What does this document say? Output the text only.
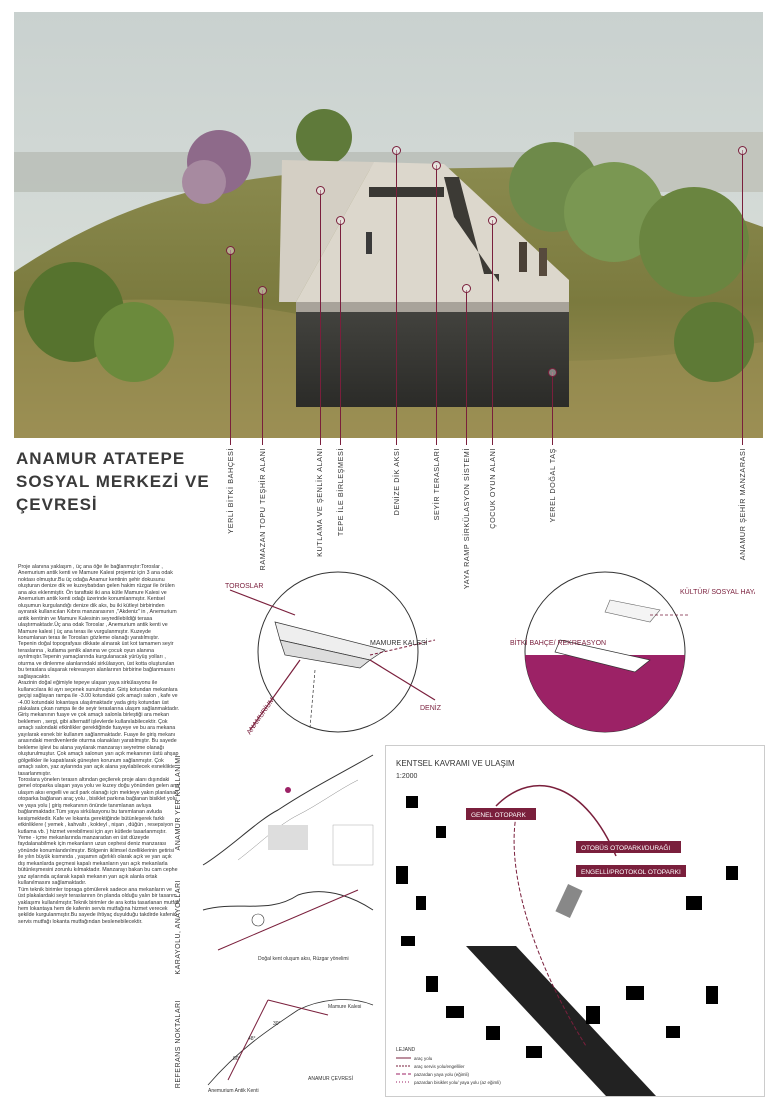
YERLİ BİTKİ BAHÇESİ	RAMAZAN TOPU TEŞHİR ALANI	KUTLAMA VE ŞENLİK ALANI TEPE İLE BİRLEŞMESİ	DENİZE DİK AKSI	SEYİR TERASLARI	YAYA RAMP SİRKÜLASYON SİSTEMİ ÇOCUK OYUN ALANI	YEREL DOĞAL TAŞ	ANAMUR ŞEHİR MANZARASI
ANAMUR ATATEPE
SOSYAL MERKEZİ VE
ÇEVRESİ

Proje alanına yaklaşım , üç ana öğe ile bağlanmıştır:Toroslar , Anemurium antik kenti ve Mamure Kalesi projemiz için 3 ana odak noktası olmuştur.Bu üç odağa Anamur kentinin şehir dokusunu oluşturan denize dik ve kuzeybatıdan gelen hakim rüzgar ile örülen ana aks eklenmiştir. Ön taraftaki iki ana kütle Mamure Kalesi ve Anemurium antik kenti odağı üzerinde konumlanmıştır. Kentsel oluşumun kurgulandığı denize dik aks, bu iki kütleyi birbirinden ayırarak kullanıcıları Kıbrıs manzarasının ,"Akdeniz" in , Anemurium antik kentinin ve Mamure Kalesinin seyredilebildiği terasa ulaştırmaktadır.Üç ana odak Toroslar , Anemurium antik kenti ve Mamure kalesi | üç ana teras ile vurgulanmıştır. Kuzeyde konumlanan teras ile Torosları gözleme olanağı yaratılmıştır.

Tepenin doğal topografyası dikkate alınarak üst kot tamamen seyir teraslarına , kutlama şenlik alanına ve çocuk oyun alanına ayrılmıştır.Tepenin yamaçlarında kurgulanacak yürüyüş yolları , oturma ve dinlenme alanlarındaki sirkülasyon, üst kotta oluşturulan bu teraslara ulaşarak rekreasyon alanlarının birbirine bağlanmasını sağlayacaktır.

Arazinin doğal eğimiyle tepeye ulaşan yaya sirkülasyonu ile kullanıcılara iki ayrı seçenek sunulmuştur. Giriş kotundan mekanlara geçişi sağlayan rampa ile -3.00 kotundaki çok amaçlı salon , kafe ve -4.00 kotundaki lokantaya ulaşılmaktadır yada giriş kotundan üst plakalara çıkan rampa ile de seyir teraslarına ulaşım sağlanmaktadır.

Giriş mekanının fuaye ve çok amaçlı salonla birleştiği ara mekan beklemen , sergi, gibi alternatif işlevlerde kullanılabilecektir. Çok amaçlı salondaki etkinlikler gerektiğinde fuayeye ve bu ara mekana yayılarak esnek bir kullanım sağlanmaktadır. Fuaye ile giriş mekanı arasındaki merdivenlerde oturma olanakları yaratılmıştır. Bu sayede bekleme işlevi bu alana yayılarak manzarayı seyretme olanağı oluşturulmuştur. Çok amaçlı salonun yarı açık mekanının üstü ahşap gölgelikler ile kapatılarak güneşten korunum sağlanmıştır. Çok amaçlı salon, yaz aylarında yarı açık alana yayılabilecek esneklikte tasarlanmıştır.

Toroslara yönelen terasın altından geçilerek proje alanı dışındaki genel otoparka ulaşan yaya yolu ve kuzey doğu yönünden gelen ana ulaşım aksı engelli ve acil park olanağı için mekteye yakın planlanan otoparka bağlanan araç yolu , bisiklet parkına bağlanan bisiklet yolu ve yaya yolu | giriş mekanının önünde tanımlanan avluya bağlanmaktadır.Tüm yaya sirkülasyonu bu tanımlanan avluda kesişmektedir. Kafe ve lokanta gerektiğinde bütünleşerek farklı etkinliklere ( yemek , kahvaltı , kokteyl , nişan , düğün , resepsiyon , kutlama vb. ) hizmet verebilmesi için ayrı kütlede tasarlanmıştır. Yeme - içme mekanlarında manzaradan en üst düzeyde faydalanabilmek için mekanların uzun cephesi deniz manzarası yönünde konumlandırılmıştır. Bölgenin iklimsel özelliklerinin getirisi ile yılın büyük kısmında , yaşamın ağırlıklı olarak açık ve yarı açık dış mekanlarda geçmesi kapalı mekanların yarı açık mekanlarla bütünleşmesini zorunlu kılmaktadır. Manzarayı bakan bu cam cephe yaz aylarında açılarak kapalı mekanın yarı açık alanla ortak kullanılmasını sağlamaktadır.

Tüm teknik birimler topraga gömülerek sadece ana mekanların ve üst plakalardaki seyir teraslarının ön planda olduğu yalın bir tasarım yaklaşımı kullanılmıştır.Teknik birimler de ara kotta tasarlanan mutfak hem lokantaya hem de kafenin servis mutfağına hizmet verecek şekilde kurgulanmıştır.Bu sayede ihtiyaç duyulduğu takdirde kafenin servis mutfağı lokanta mutfağından beslenebilecektir.

TOROSLAR
MAMURE KALESİ
DENİZ
ANAMURİUM
KÜLTÜR/ SOSYAL HAYAT
BİTKİ BAHÇE/ REKREASYON
ANAMUR YER KULLANIMI
KARAYOLU, ANAYOLLARI
REFERANS NOKTALARI
Doğal kent oluşum aksı, Rüzgar yönelimi
48°
30°
60°
Mamure Kalesi
Anemurium Antik Kenti
ANAMUR ÇEVRESİ
KENTSEL KAVRAMI VE ULAŞIM
1:2000
GENEL OTOPARK
OTOBÜS OTOPARKI/DURAĞI
ENGELLİ/PROTOKOL OTOPARKI
LEJAND
araç yolu
araç servis yolu/engelliler
pazardan yaya yolu (eğimli)
pazardan bisiklet yolu/ yaya yolu (az eğimli)
